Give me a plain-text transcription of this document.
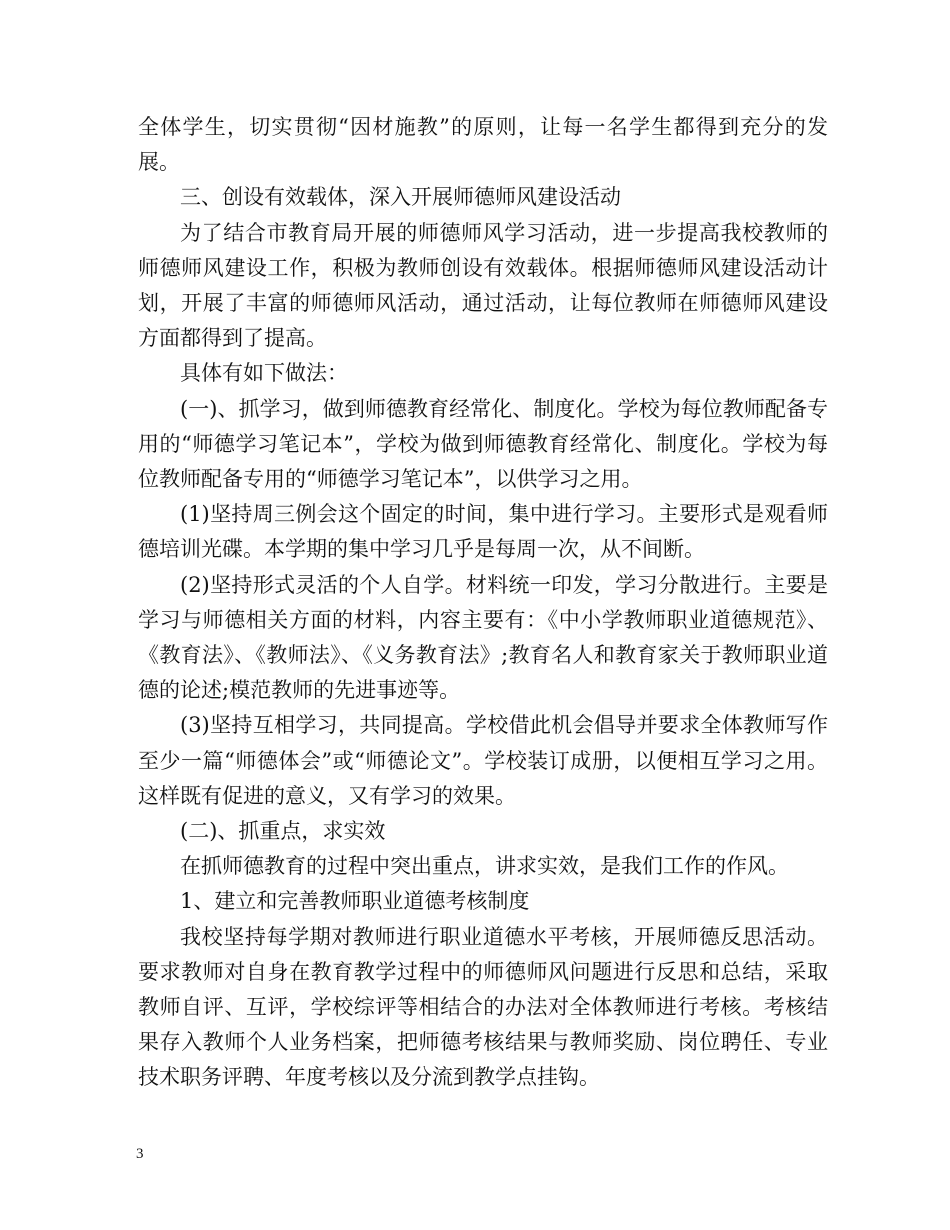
全体学生，切实贯彻“因材施教”的原则，让每一名学生都得到充分的发展。

三、创设有效载体，深入开展师德师风建设活动

为了结合市教育局开展的师德师风学习活动，进一步提高我校教师的师德师风建设工作，积极为教师创设有效载体。根据师德师风建设活动计划，开展了丰富的师德师风活动，通过活动，让每位教师在师德师风建设方面都得到了提高。

具体有如下做法：

(一)、抓学习，做到师德教育经常化、制度化。学校为每位教师配备专用的“师德学习笔记本”，学校为做到师德教育经常化、制度化。学校为每位教师配备专用的“师德学习笔记本”，以供学习之用。

(1)坚持周三例会这个固定的时间，集中进行学习。主要形式是观看师德培训光碟。本学期的集中学习几乎是每周一次，从不间断。

(2)坚持形式灵活的个人自学。材料统一印发，学习分散进行。主要是学习与师德相关方面的材料，内容主要有：《中小学教师职业道德规范》、《教育法》、《教师法》、《义务教育法》;教育名人和教育家关于教师职业道德的论述;模范教师的先进事迹等。

(3)坚持互相学习，共同提高。学校借此机会倡导并要求全体教师写作至少一篇“师德体会”或“师德论文”。学校装订成册，以便相互学习之用。这样既有促进的意义，又有学习的效果。

(二)、抓重点，求实效

在抓师德教育的过程中突出重点，讲求实效，是我们工作的作风。

1、建立和完善教师职业道德考核制度

我校坚持每学期对教师进行职业道德水平考核，开展师德反思活动。要求教师对自身在教育教学过程中的师德师风问题进行反思和总结，采取教师自评、互评，学校综评等相结合的办法对全体教师进行考核。考核结果存入教师个人业务档案，把师德考核结果与教师奖励、岗位聘任、专业技术职务评聘、年度考核以及分流到教学点挂钩。

3
